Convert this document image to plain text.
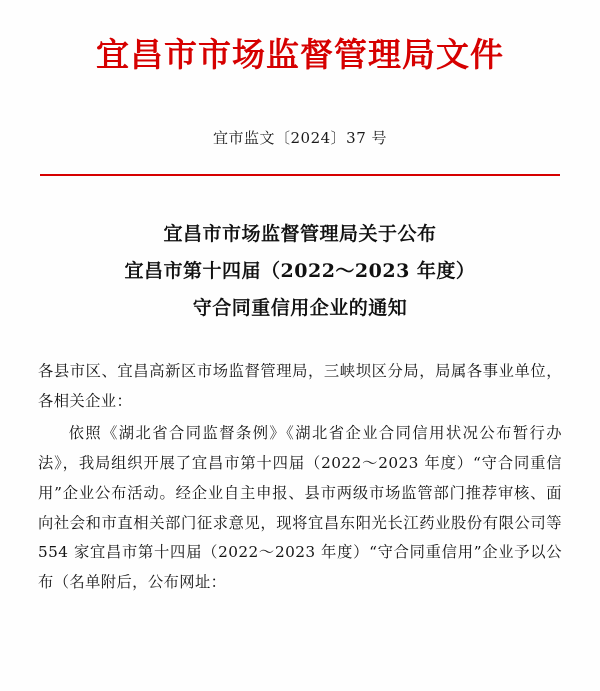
宜昌市市场监督管理局文件
宜市监文〔2024〕37 号
宜昌市市场监督管理局关于公布
宜昌市第十四届（2022～2023 年度）
守合同重信用企业的通知

各县市区、宜昌高新区市场监督管理局，三峡坝区分局，局属各事业单位，各相关企业：

依照《湖北省合同监督条例》《湖北省企业合同信用状况公布暂行办法》，我局组织开展了宜昌市第十四届（2022～2023 年度）“守合同重信用”企业公布活动。经企业自主申报、县市两级市场监管部门推荐审核、面向社会和市直相关部门征求意见，现将宜昌东阳光长江药业股份有限公司等 554 家宜昌市第十四届（2022～2023 年度）“守合同重信用”企业予以公布（名单附后，公布网址：
